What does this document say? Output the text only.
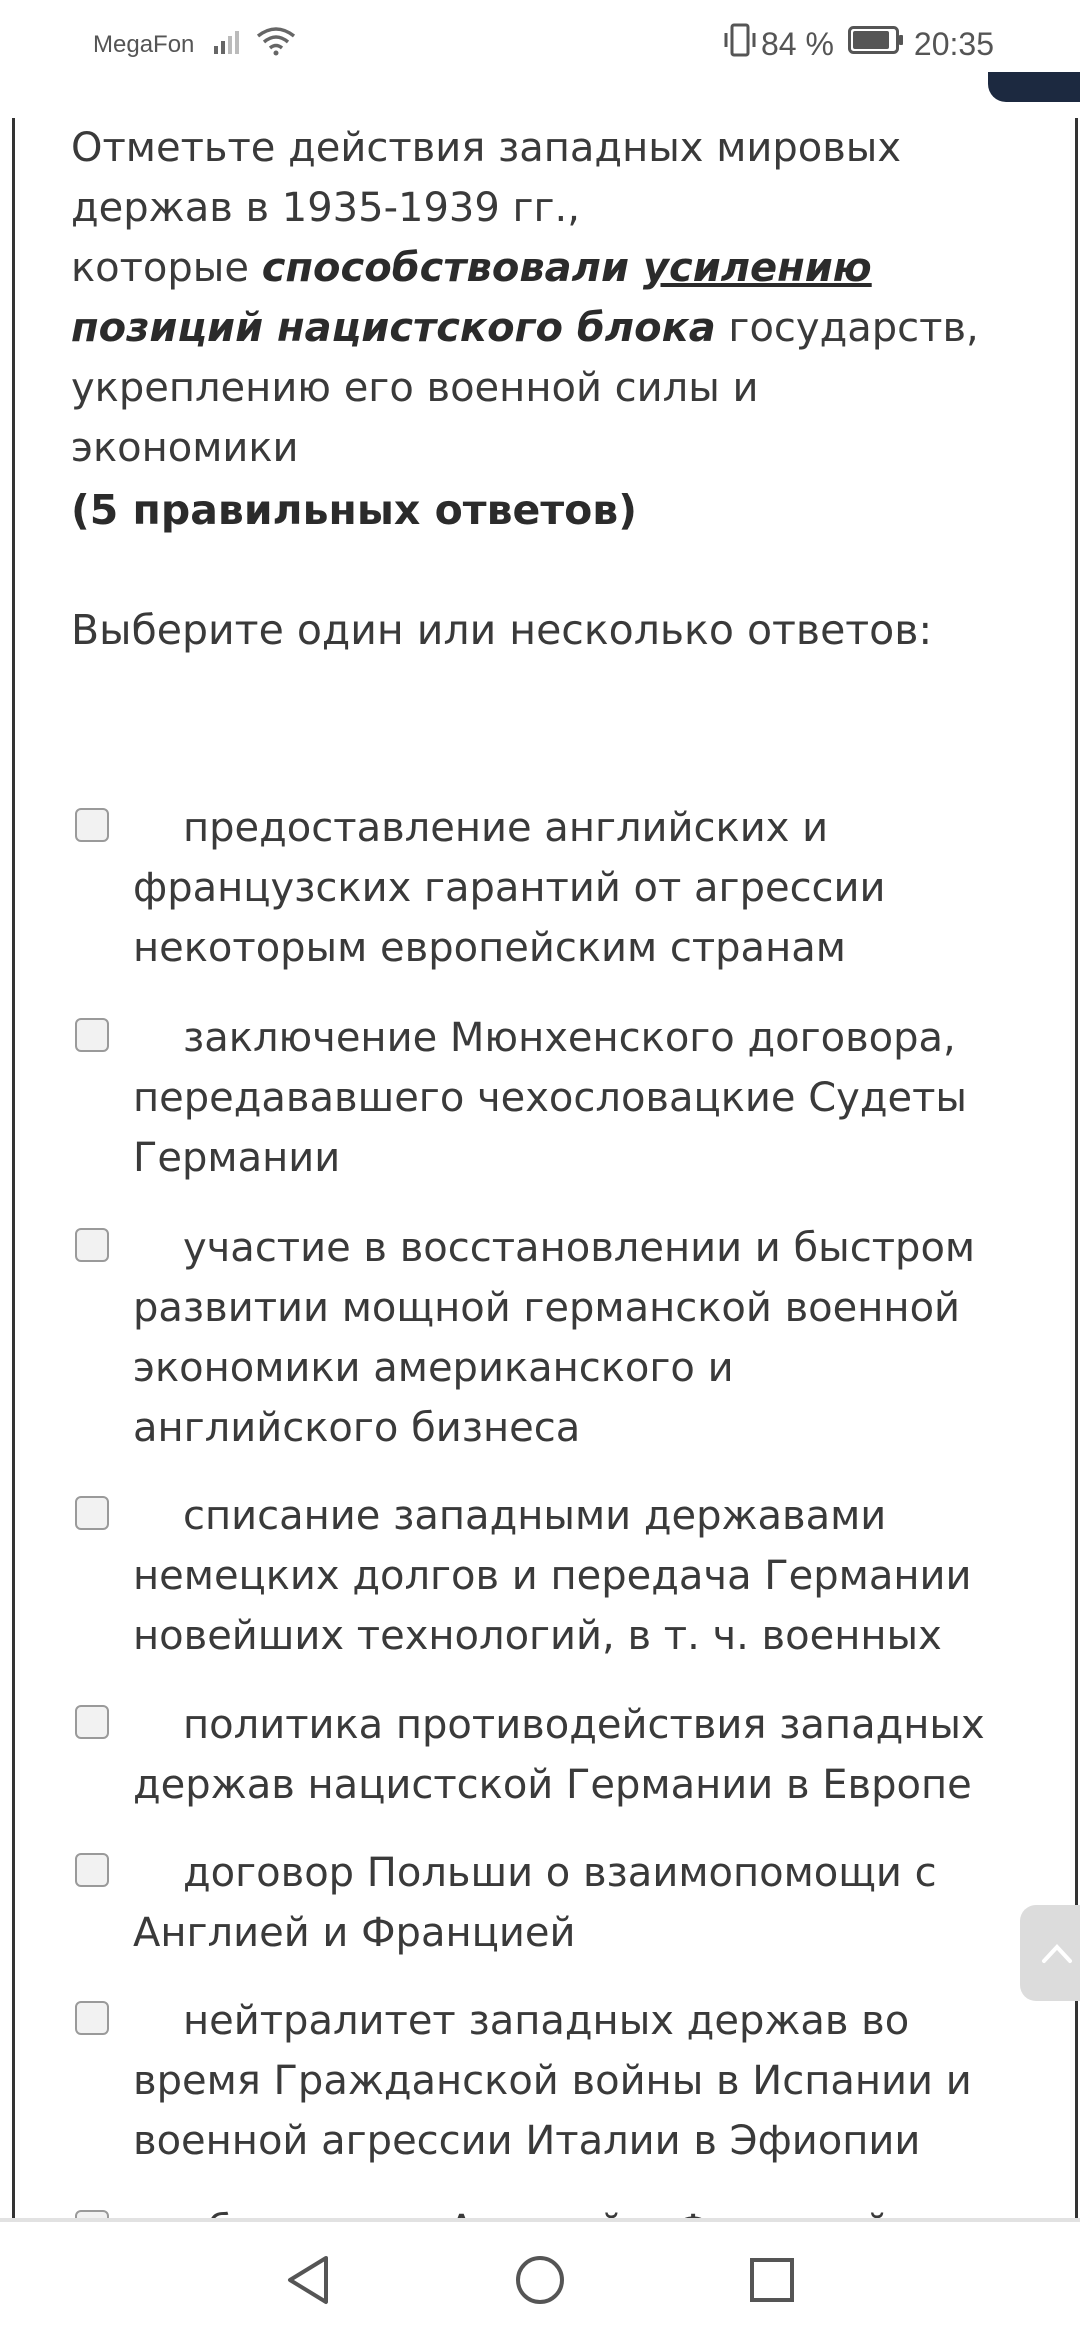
MegaFon	84 %	20:35

Отметьте действия западных мировых держав в 1935-1939 гг.,

которые способствовали усилению
позиций нацистского блока государств, укреплению его военной силы и экономики

(5 правильных ответов)
Выберите один или несколько ответов:
предоставление английских и французских гарантий от агрессии некоторым европейским странам
заключение Мюнхенского договора, передававшего чехословацкие Судеты Германии
участие в восстановлении и быстром развитии мощной германской военной экономики американского и английского бизнеса
списание западными державами немецких долгов и передача Германии новейших технологий, в т. ч. военных
политика противодействия западных держав нацистской Германии в Европе
договор Польши о взаимопомощи с Англией и Францией
нейтралитет западных держав во время Гражданской войны в Испании и военной агрессии Италии в Эфиопии
